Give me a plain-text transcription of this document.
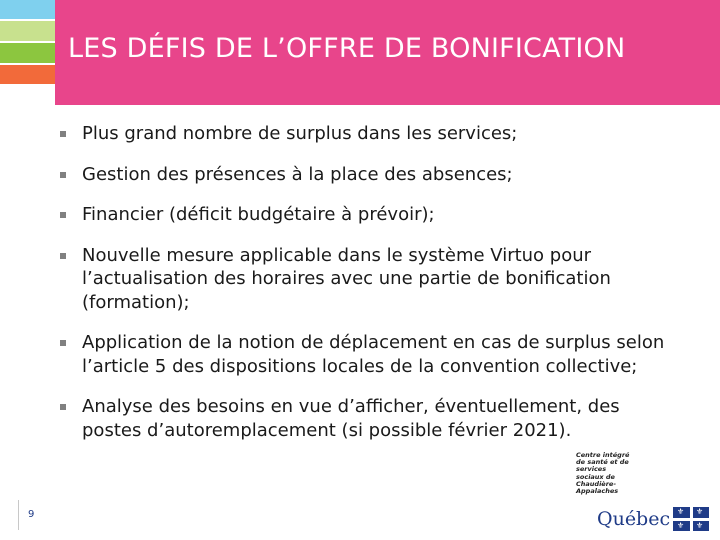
LES DÉFIS DE L’OFFRE DE BONIFICATION
Plus grand nombre de surplus dans les services;
Gestion des présences à la place des absences;
Financier (déficit budgétaire à prévoir);
Nouvelle mesure applicable dans le système Virtuo pour
l’actualisation des horaires avec une partie de bonification
(formation);
Application de la notion de déplacement en cas de surplus selon
l’article 5 des dispositions locales de la convention collective;
Analyse des besoins en vue d’afficher, éventuellement, des
postes d’autoremplacement (si possible février 2021).
9
Centre intégré
de santé et de services
sociaux de Chaudière-
Appalaches
Québec ⚜ ⚜
⚜ ⚜
